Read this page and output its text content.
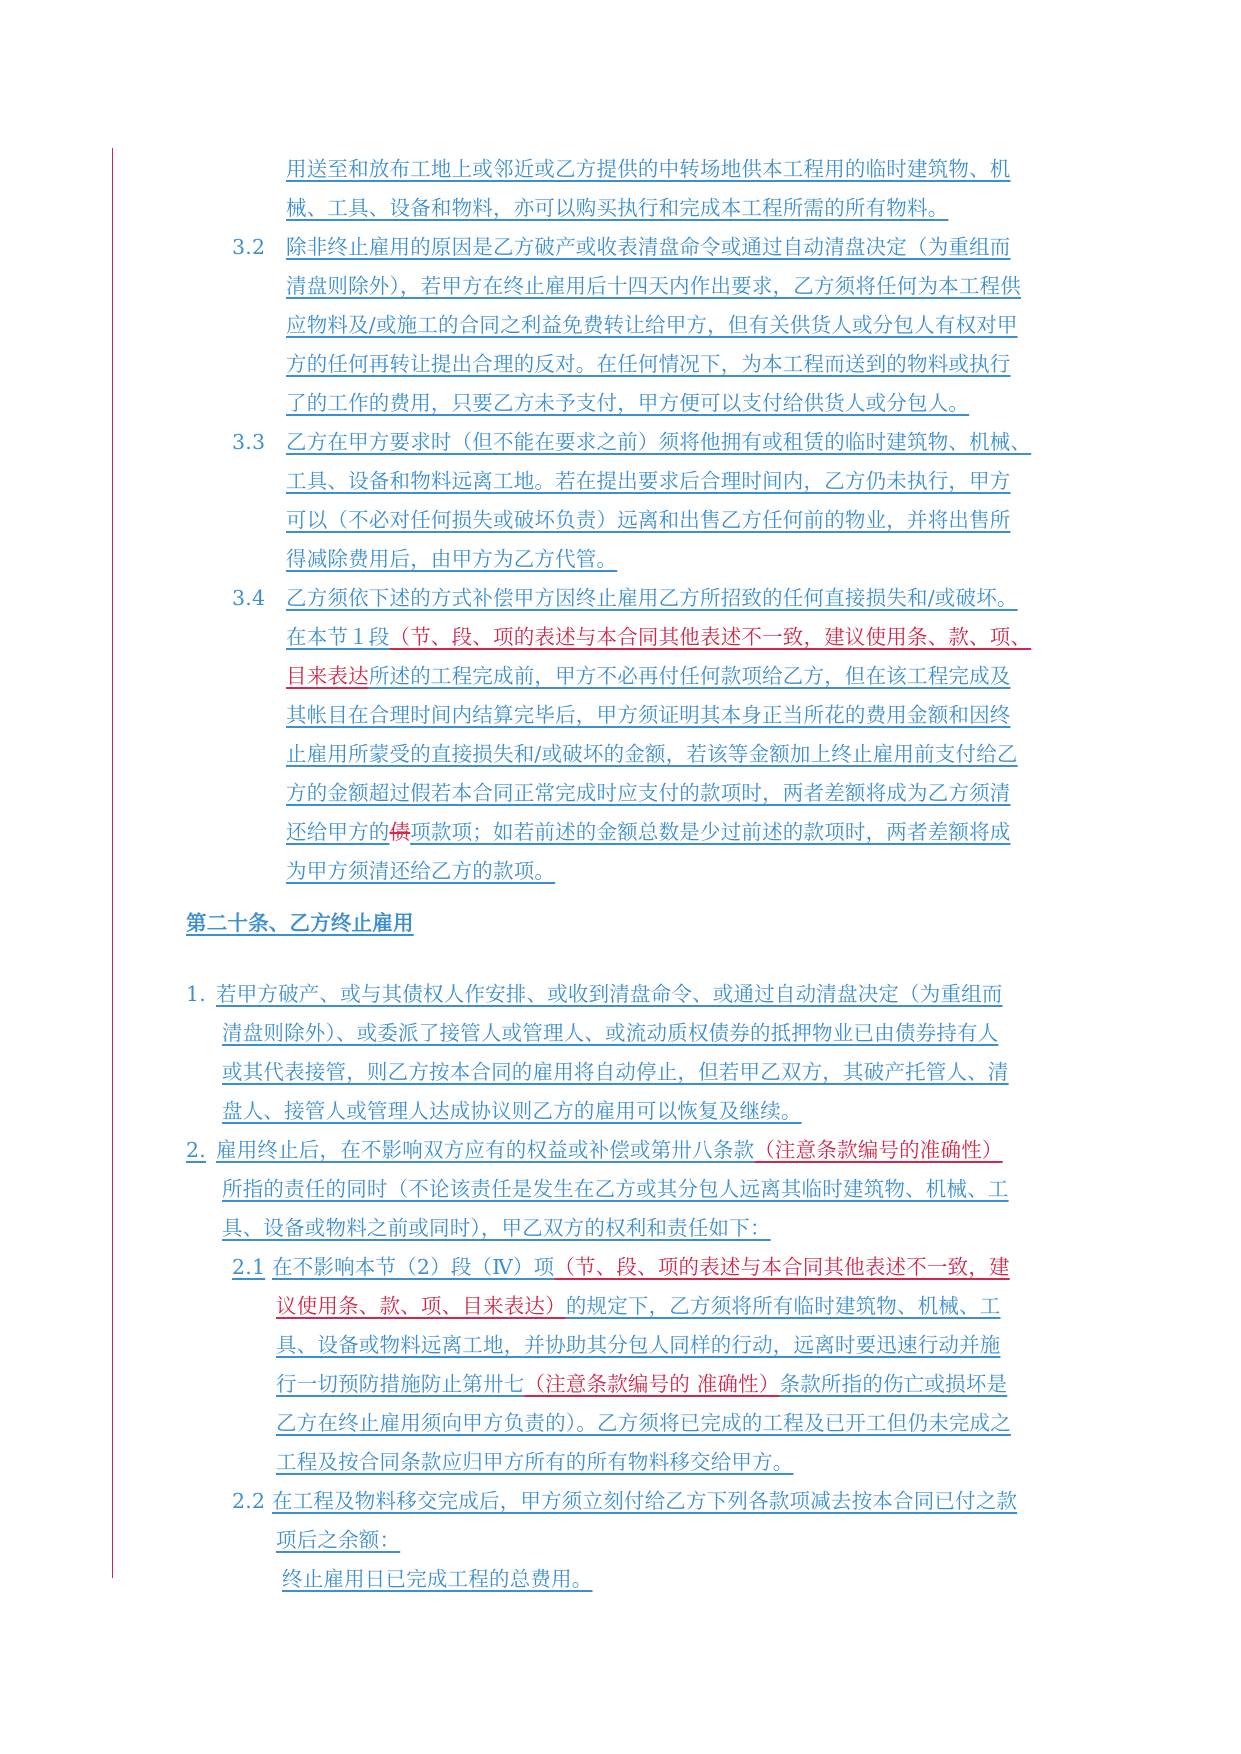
用送至和放布工地上或邻近或乙方提供的中转场地供本工程用的临时建筑物、机
械、工具、设备和物料，亦可以购买执行和完成本工程所需的所有物料。
3.2 除非终止雇用的原因是乙方破产或收表清盘命令或通过自动清盘决定（为重组而
清盘则除外），若甲方在终止雇用后十四天内作出要求，乙方须将任何为本工程供
应物料及/或施工的合同之利益免费转让给甲方，但有关供货人或分包人有权对甲
方的任何再转让提出合理的反对。在任何情况下，为本工程而送到的物料或执行
了的工作的费用，只要乙方未予支付，甲方便可以支付给供货人或分包人。
3.3 乙方在甲方要求时（但不能在要求之前）须将他拥有或租赁的临时建筑物、机械、
工具、设备和物料远离工地。若在提出要求后合理时间内，乙方仍未执行，甲方
可以（不必对任何损失或破坏负责）远离和出售乙方任何前的物业，并将出售所
得减除费用后，由甲方为乙方代管。
3.4 乙方须依下述的方式补偿甲方因终止雇用乙方所招致的任何直接损失和/或破坏。
在本节１段（节、段、项的表述与本合同其他表述不一致，建议使用条、款、项、
目来表达所述的工程完成前，甲方不必再付任何款项给乙方，但在该工程完成及
其帐目在合理时间内结算完毕后，甲方须证明其本身正当所花的费用金额和因终
止雇用所蒙受的直接损失和/或破坏的金额，若该等金额加上终止雇用前支付给乙
方的金额超过假若本合同正常完成时应支付的款项时，两者差额将成为乙方须清
还给甲方的债项款项；如若前述的金额总数是少过前述的款项时，两者差额将成
为甲方须清还给乙方的款项。
第二十条、乙方终止雇用
1. 若甲方破产、或与其债权人作安排、或收到清盘命令、或通过自动清盘决定（为重组而
清盘则除外）、或委派了接管人或管理人、或流动质权债券的抵押物业已由债券持有人
或其代表接管，则乙方按本合同的雇用将自动停止，但若甲乙双方，其破产托管人、清
盘人、接管人或管理人达成协议则乙方的雇用可以恢复及继续。
2. 雇用终止后，在不影响双方应有的权益或补偿或第卅八条款（注意条款编号的准确性）
所指的责任的同时（不论该责任是发生在乙方或其分包人远离其临时建筑物、机械、工
具、设备或物料之前或同时），甲乙双方的权利和责任如下：
2.1 在不影响本节（2）段（Ⅳ）项（节、段、项的表述与本合同其他表述不一致，建
议使用条、款、项、目来表达）的规定下，乙方须将所有临时建筑物、机械、工
具、设备或物料远离工地，并协助其分包人同样的行动，远离时要迅速行动并施
行一切预防措施防止第卅七（注意条款编号的 准确性）条款所指的伤亡或损坏是
乙方在终止雇用须向甲方负责的）。乙方须将已完成的工程及已开工但仍未完成之
工程及按合同条款应归甲方所有的所有物料移交给甲方。
2.2 在工程及物料移交完成后，甲方须立刻付给乙方下列各款项减去按本合同已付之款
项后之余额：
终止雇用日已完成工程的总费用。
